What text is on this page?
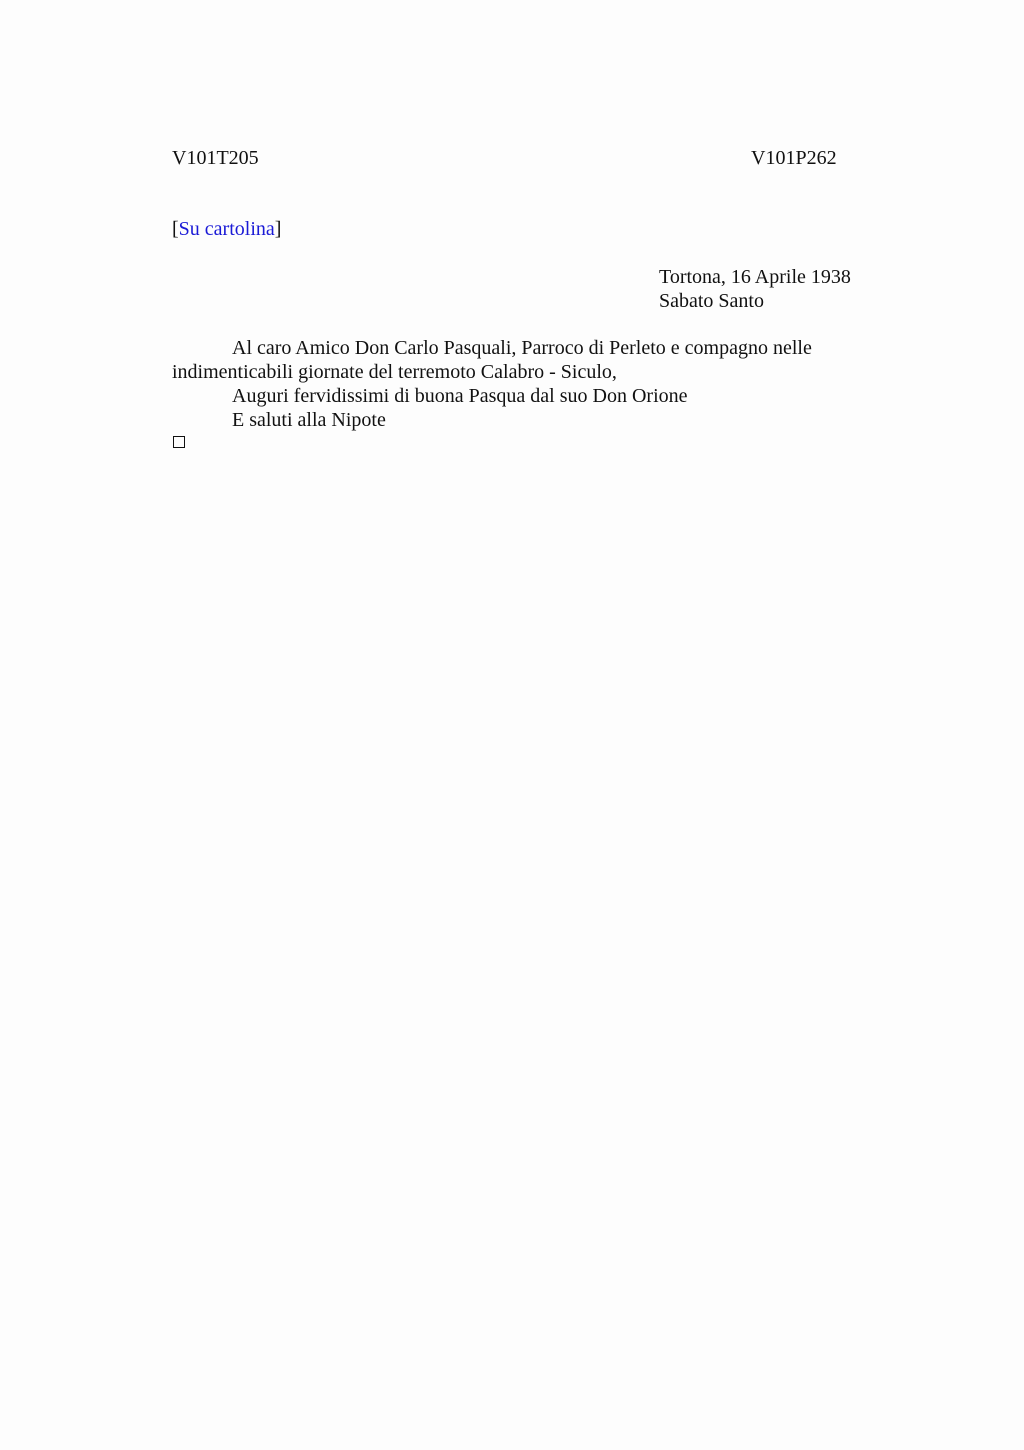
V101T205	V101P262
[Su cartolina]
Tortona, 16 Aprile 1938
Sabato Santo

Al caro Amico Don Carlo Pasquali, Parroco di Perleto e compagno nelle indimenticabili giornate del terremoto Calabro - Siculo,

Auguri fervidissimi di buona Pasqua dal suo Don Orione

E saluti alla Nipote
